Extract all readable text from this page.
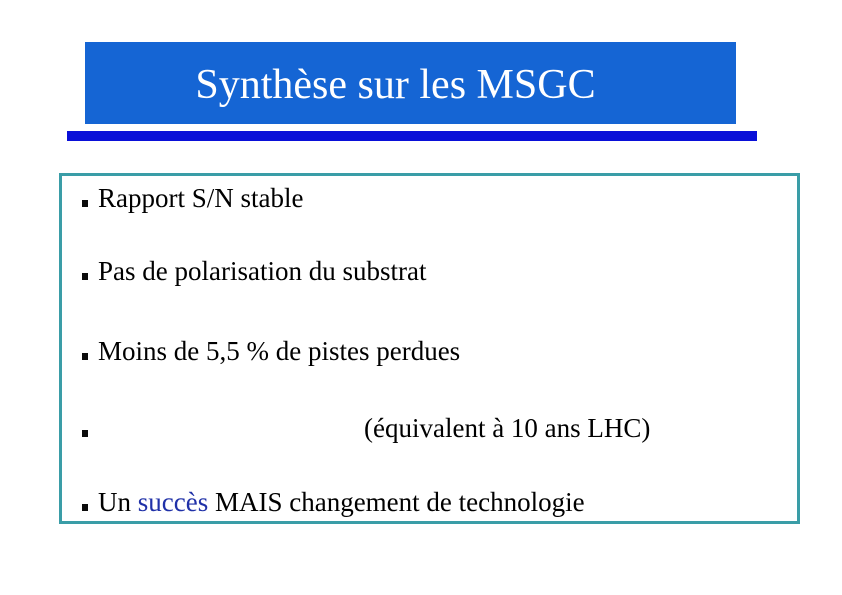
Synthèse sur les MSGC
Rapport S/N stable
Pas de polarisation du substrat
Moins de 5,5 % de pistes perdues
(équivalent à 10 ans LHC)
Un succès MAIS changement de technologie
